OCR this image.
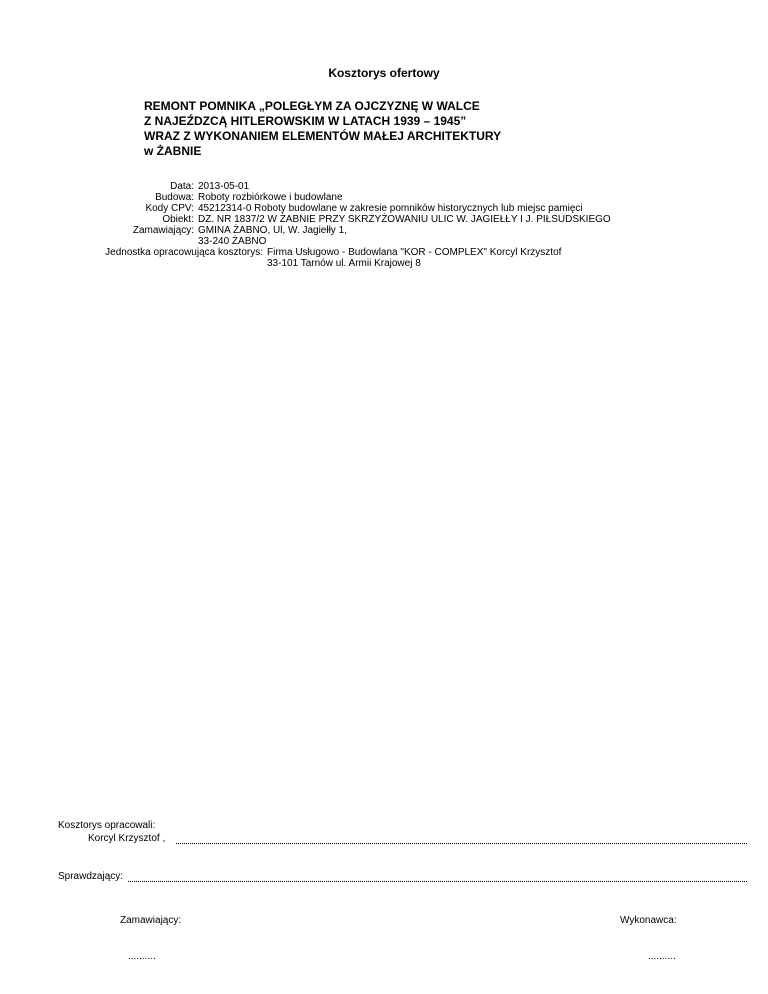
Kosztorys ofertowy
REMONT POMNIKA „POLEGŁYM ZA OJCZYZNĘ W WALCE
Z NAJEŹDZCĄ HITLEROWSKIM W LATACH 1939 – 1945”
WRAZ Z WYKONANIEM ELEMENTÓW MAŁEJ ARCHITEKTURY
w ŻABNIE
Data: 2013-05-01
Budowa: Roboty rozbiórkowe i budowlane
Kody CPV: 45212314-0 Roboty budowlane w zakresie pomników historycznych lub miejsc pamięci
Obiekt: DZ. NR 1837/2 W ŻABNIE PRZY SKRZYŻOWANIU ULIC W. JAGIEŁŁY I J. PIŁSUDSKIEGO
Zamawiający: GMINA ŻABNO, Ul, W. Jagiełły 1,
33-240 ŻABNO
Jednostka opracowująca kosztorys: Firma Usługowo - Budowlana "KOR - COMPLEX" Korcyl Krzysztof
33-101 Tarnów ul. Armii Krajowej 8
Kosztorys opracowali:
Korcyl Krzysztof ,
Sprawdzający:
Zamawiający:	Wykonawca:
..........	..........
